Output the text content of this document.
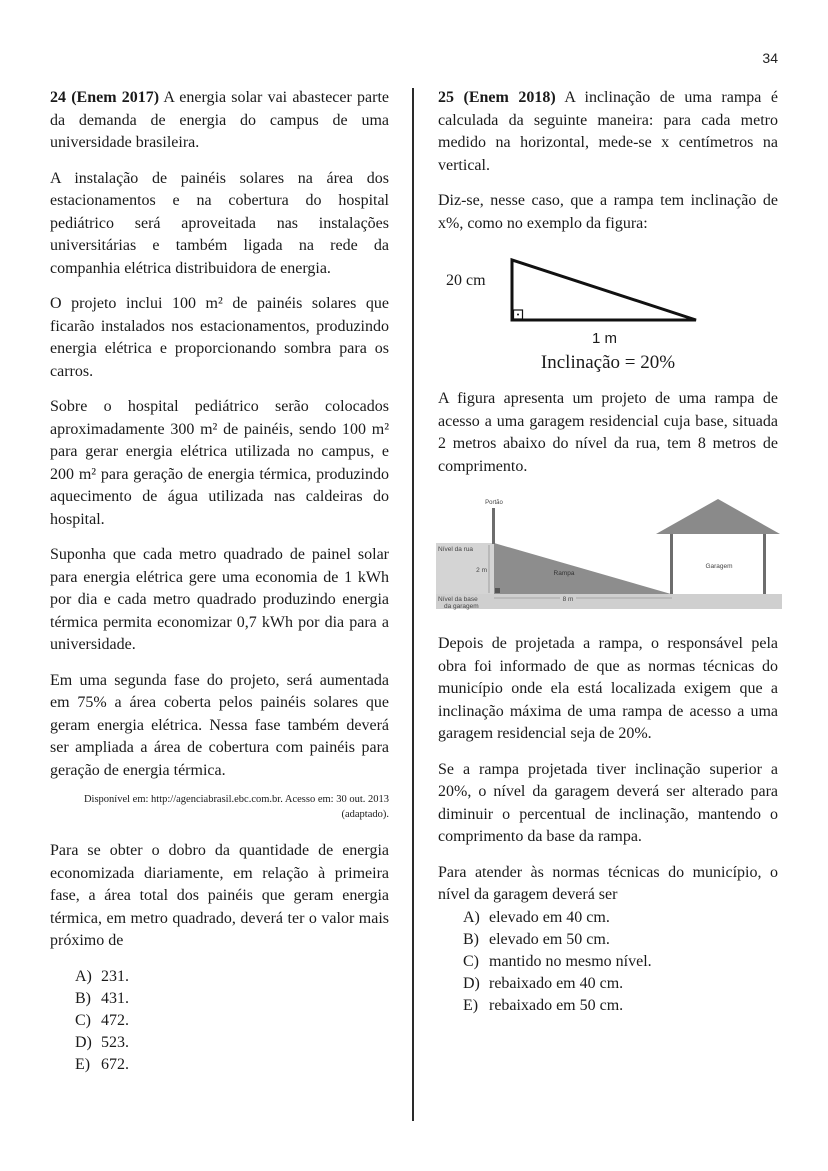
34

24 (Enem 2017) A energia solar vai abastecer parte da demanda de energia do campus de uma universidade brasileira.

A instalação de painéis solares na área dos estacionamentos e na cobertura do hospital pediátrico será aproveitada nas instalações universitárias e também ligada na rede da companhia elétrica distribuidora de energia.

O projeto inclui 100 m² de painéis solares que ficarão instalados nos estacionamentos, produzindo energia elétrica e proporcionando sombra para os carros.

Sobre o hospital pediátrico serão colocados aproximadamente 300 m² de painéis, sendo 100 m² para gerar energia elétrica utilizada no campus, e 200 m² para geração de energia térmica, produzindo aquecimento de água utilizada nas caldeiras do hospital.

Suponha que cada metro quadrado de painel solar para energia elétrica gere uma economia de 1 kWh por dia e cada metro quadrado produzindo energia térmica permita economizar 0,7 kWh por dia para a universidade.

Em uma segunda fase do projeto, será aumentada em 75% a área coberta pelos painéis solares que geram energia elétrica. Nessa fase também deverá ser ampliada a área de cobertura com painéis para geração de energia térmica.

Disponível em: http://agenciabrasil.ebc.com.br. Acesso em: 30 out. 2013
(adaptado).

Para se obter o dobro da quantidade de energia economizada diariamente, em relação à primeira fase, a área total dos painéis que geram energia térmica, em metro quadrado, deverá ter o valor mais próximo de

A) 231.
B) 431.
C) 472.
D) 523.
E) 672.

25 (Enem 2018) A inclinação de uma rampa é calculada da seguinte maneira: para cada metro medido na horizontal, mede-se x centímetros na vertical.

Diz-se, nesse caso, que a rampa tem inclinação de x%, como no exemplo da figura:

20 cm
1 m
Inclinação = 20%

A figura apresenta um projeto de uma rampa de acesso a uma garagem residencial cuja base, situada 2 metros abaixo do nível da rua, tem 8 metros de comprimento.

Portão
Nível da rua
2 m
Nível da base
da garagem
8 m
Rampa
Garagem

Depois de projetada a rampa, o responsável pela obra foi informado de que as normas técnicas do município onde ela está localizada exigem que a inclinação máxima de uma rampa de acesso a uma garagem residencial seja de 20%.

Se a rampa projetada tiver inclinação superior a 20%, o nível da garagem deverá ser alterado para diminuir o percentual de inclinação, mantendo o comprimento da base da rampa.

Para atender às normas técnicas do município, o nível da garagem deverá ser

A) elevado em 40 cm.
B) elevado em 50 cm.
C) mantido no mesmo nível.
D) rebaixado em 40 cm.
E) rebaixado em 50 cm.
